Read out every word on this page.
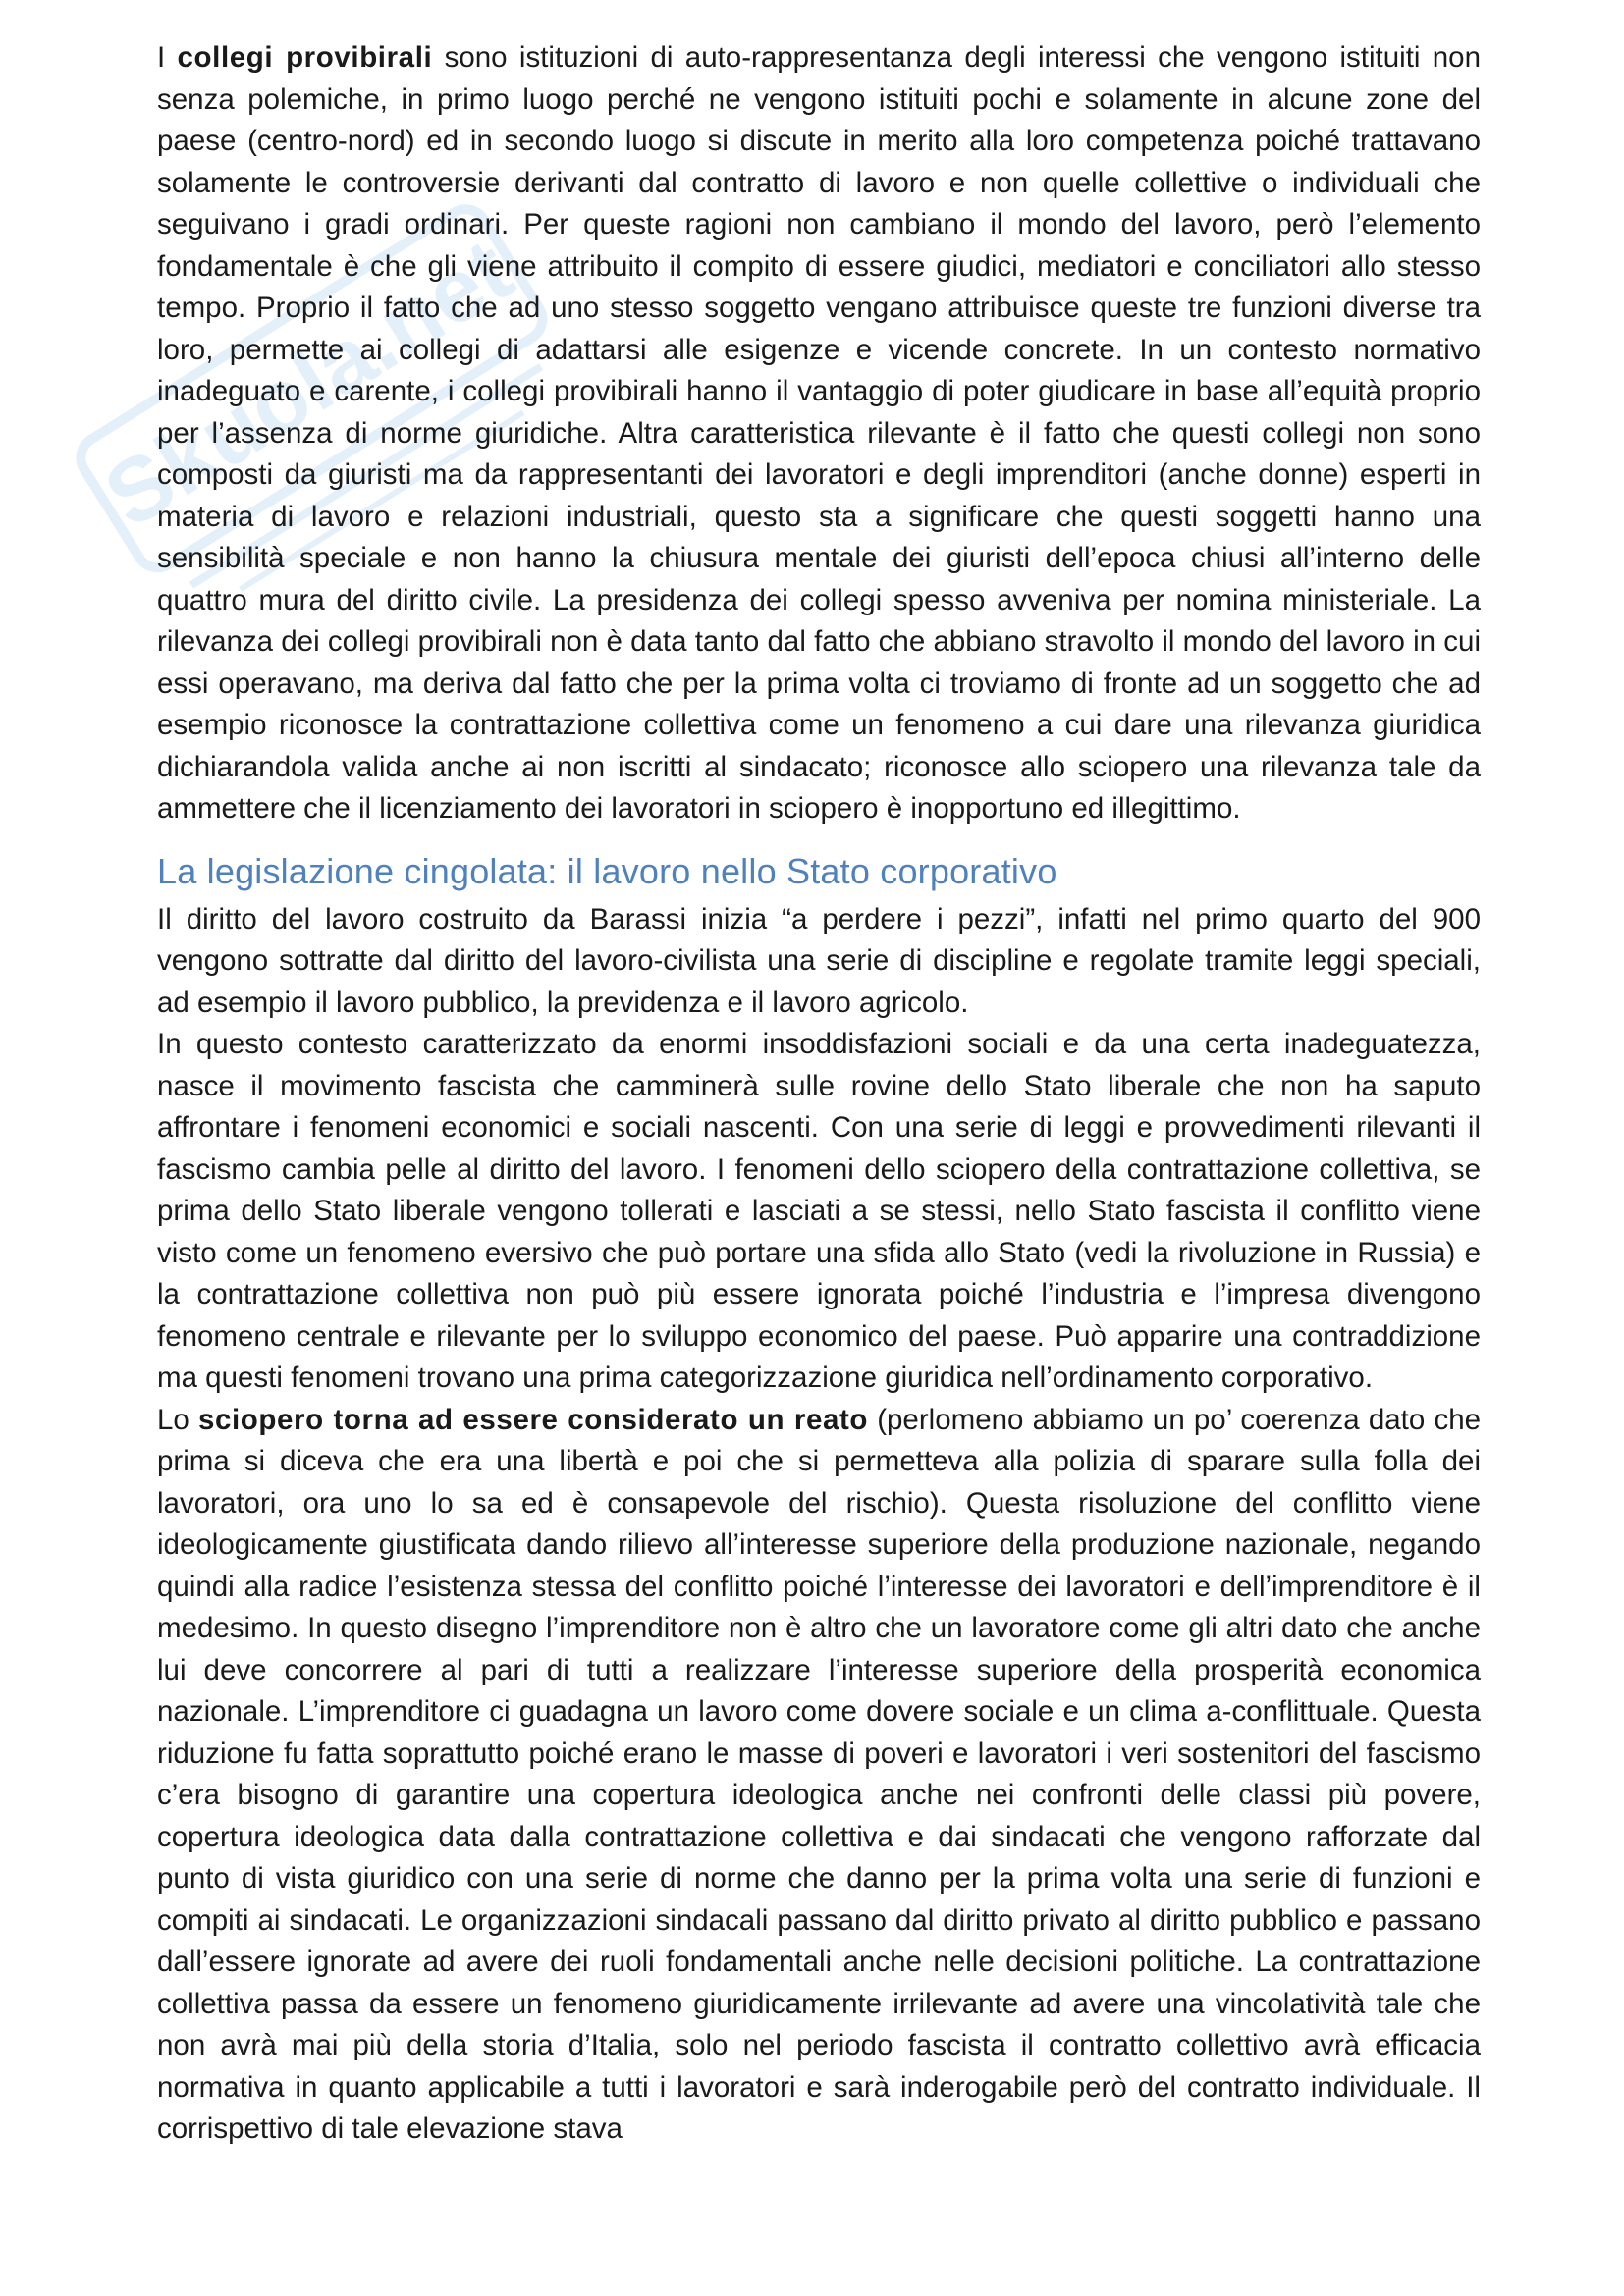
Skuola.net

I collegi provibirali sono istituzioni di auto-rappresentanza degli interessi che vengono istituiti non senza polemiche, in primo luogo perché ne vengono istituiti pochi e solamente in alcune zone del paese (centro-nord) ed in secondo luogo si discute in merito alla loro competenza poiché trattavano solamente le controversie derivanti dal contratto di lavoro e non quelle collettive o individuali che seguivano i gradi ordinari. Per queste ragioni non cambiano il mondo del lavoro, però l’elemento fondamentale è che gli viene attribuito il compito di essere giudici, mediatori e conciliatori allo stesso tempo. Proprio il fatto che ad uno stesso soggetto vengano attribuisce queste tre funzioni diverse tra loro, permette ai collegi di adattarsi alle esigenze e vicende concrete. In un contesto normativo inadeguato e carente, i collegi provibirali hanno il vantaggio di poter giudicare in base all’equità proprio per l’assenza di norme giuridiche. Altra caratteristica rilevante è il fatto che questi collegi non sono composti da giuristi ma da rappresentanti dei lavoratori e degli imprenditori (anche donne) esperti in materia di lavoro e relazioni industriali, questo sta a significare che questi soggetti hanno una sensibilità speciale e non hanno la chiusura mentale dei giuristi dell’epoca chiusi all’interno delle quattro mura del diritto civile. La presidenza dei collegi spesso avveniva per nomina ministeriale. La rilevanza dei collegi provibirali non è data tanto dal fatto che abbiano stravolto il mondo del lavoro in cui essi operavano, ma deriva dal fatto che per la prima volta ci troviamo di fronte ad un soggetto che ad esempio riconosce la contrattazione collettiva come un fenomeno a cui dare una rilevanza giuridica dichiarandola valida anche ai non iscritti al sindacato; riconosce allo sciopero una rilevanza tale da ammettere che il licenziamento dei lavoratori in sciopero è inopportuno ed illegittimo.

La legislazione cingolata: il lavoro nello Stato corporativo

Il diritto del lavoro costruito da Barassi inizia “a perdere i pezzi”, infatti nel primo quarto del 900 vengono sottratte dal diritto del lavoro-civilista una serie di discipline e regolate tramite leggi speciali, ad esempio il lavoro pubblico, la previdenza e il lavoro agricolo.

In questo contesto caratterizzato da enormi insoddisfazioni sociali e da una certa inadeguatezza, nasce il movimento fascista che camminerà sulle rovine dello Stato liberale che non ha saputo affrontare i fenomeni economici e sociali nascenti. Con una serie di leggi e provvedimenti rilevanti il fascismo cambia pelle al diritto del lavoro. I fenomeni dello sciopero della contrattazione collettiva, se prima dello Stato liberale vengono tollerati e lasciati a se stessi, nello Stato fascista il conflitto viene visto come un fenomeno eversivo che può portare una sfida allo Stato (vedi la rivoluzione in Russia) e la contrattazione collettiva non può più essere ignorata poiché l’industria e l’impresa divengono fenomeno centrale e rilevante per lo sviluppo economico del paese. Può apparire una contraddizione ma questi fenomeni trovano una prima categorizzazione giuridica nell’ordinamento corporativo.

Lo sciopero torna ad essere considerato un reato (perlomeno abbiamo un po’ coerenza dato che prima si diceva che era una libertà e poi che si permetteva alla polizia di sparare sulla folla dei lavoratori, ora uno lo sa ed è consapevole del rischio). Questa risoluzione del conflitto viene ideologicamente giustificata dando rilievo all’interesse superiore della produzione nazionale, negando quindi alla radice l’esistenza stessa del conflitto poiché l’interesse dei lavoratori e dell’imprenditore è il medesimo. In questo disegno l’imprenditore non è altro che un lavoratore come gli altri dato che anche lui deve concorrere al pari di tutti a realizzare l’interesse superiore della prosperità economica nazionale. L’imprenditore ci guadagna un lavoro come dovere sociale e un clima a-conflittuale. Questa riduzione fu fatta soprattutto poiché erano le masse di poveri e lavoratori i veri sostenitori del fascismo c’era bisogno di garantire una copertura ideologica anche nei confronti delle classi più povere, copertura ideologica data dalla contrattazione collettiva e dai sindacati che vengono rafforzate dal punto di vista giuridico con una serie di norme che danno per la prima volta una serie di funzioni e compiti ai sindacati. Le organizzazioni sindacali passano dal diritto privato al diritto pubblico e passano dall’essere ignorate ad avere dei ruoli fondamentali anche nelle decisioni politiche. La contrattazione collettiva passa da essere un fenomeno giuridicamente irrilevante ad avere una vincolatività tale che non avrà mai più della storia d’Italia, solo nel periodo fascista il contratto collettivo avrà efficacia normativa in quanto applicabile a tutti i lavoratori e sarà inderogabile però del contratto individuale. Il corrispettivo di tale elevazione stava
